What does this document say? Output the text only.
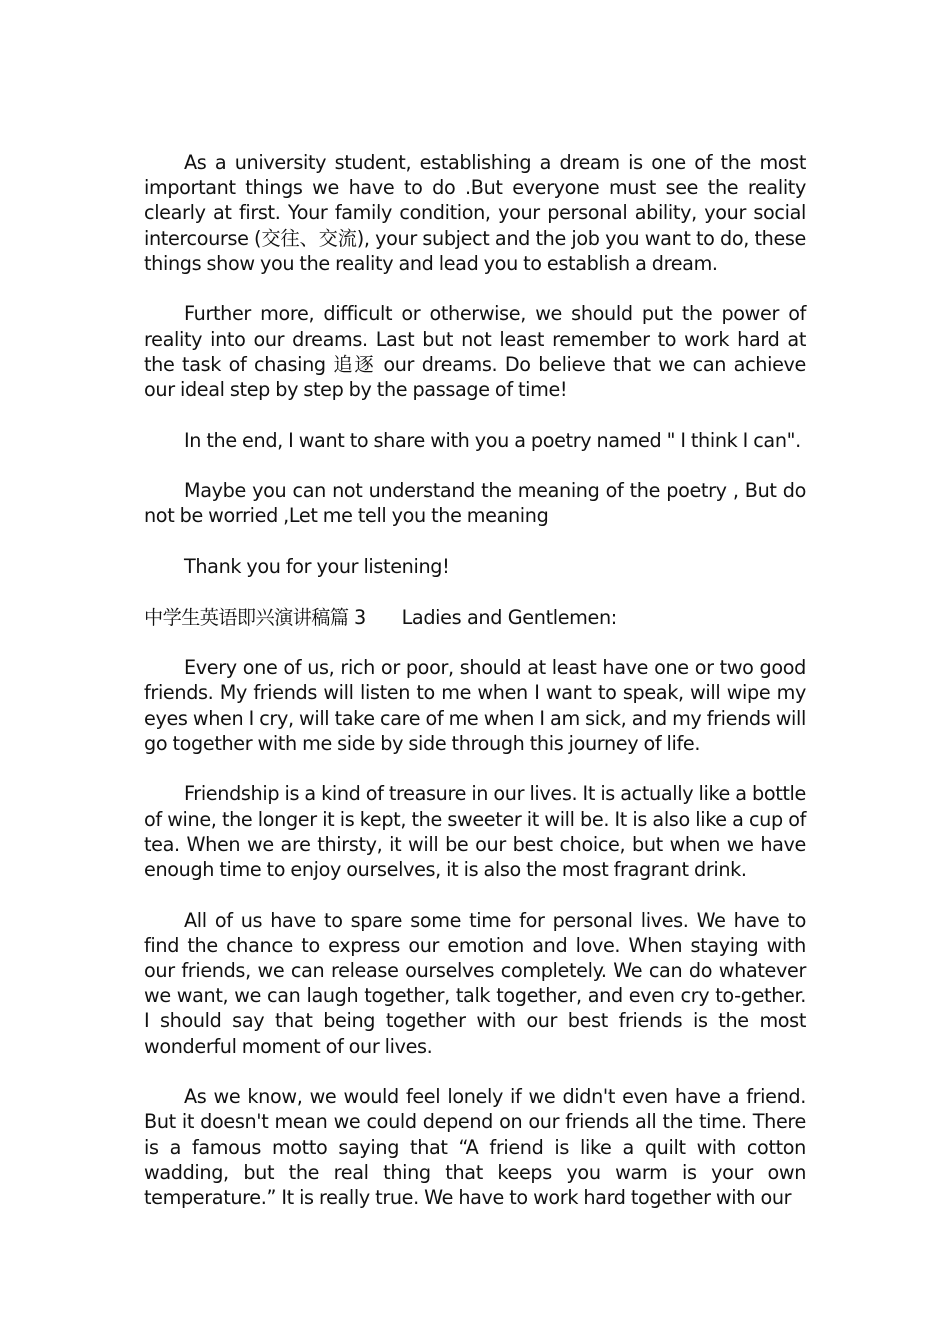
As a university student, establishing a dream is one of the most important things we have to do .But everyone must see the reality clearly at first. Your family condition, your personal ability, your social intercourse (交往、交流), your subject and the job you want to do, these things show you the reality and lead you to establish a dream.

Further more, difficult or otherwise, we should put the power of reality into our dreams. Last but not least remember to work hard at the task of chasing 追逐 our dreams. Do believe that we can achieve our ideal step by step by the passage of time!

In the end, I want to share with you a poetry named " I think I can".

Maybe you can not understand the meaning of the poetry , But do not be worried ,Let me tell you the meaning

Thank you for your listening!

中学生英语即兴演讲稿篇 3 Ladies and Gentlemen:

Every one of us, rich or poor, should at least have one or two good friends. My friends will listen to me when I want to speak, will wipe my eyes when I cry, will take care of me when I am sick, and my friends will go together with me side by side through this journey of life.

Friendship is a kind of treasure in our lives. It is actually like a bottle of wine, the longer it is kept, the sweeter it will be. It is also like a cup of tea. When we are thirsty, it will be our best choice, but when we have enough time to enjoy ourselves, it is also the most fragrant drink.

All of us have to spare some time for personal lives. We have to find the chance to express our emotion and love. When staying with our friends, we can release ourselves completely. We can do whatever we want, we can laugh together, talk together, and even cry to-gether. I should say that being together with our best friends is the most wonderful moment of our lives.

As we know, we would feel lonely if we didn't even have a friend. But it doesn't mean we could depend on our friends all the time. There is a famous motto saying that “A friend is like a quilt with cotton wadding, but the real thing that keeps you warm is your own temperature.” It is really true. We have to work hard together with our
